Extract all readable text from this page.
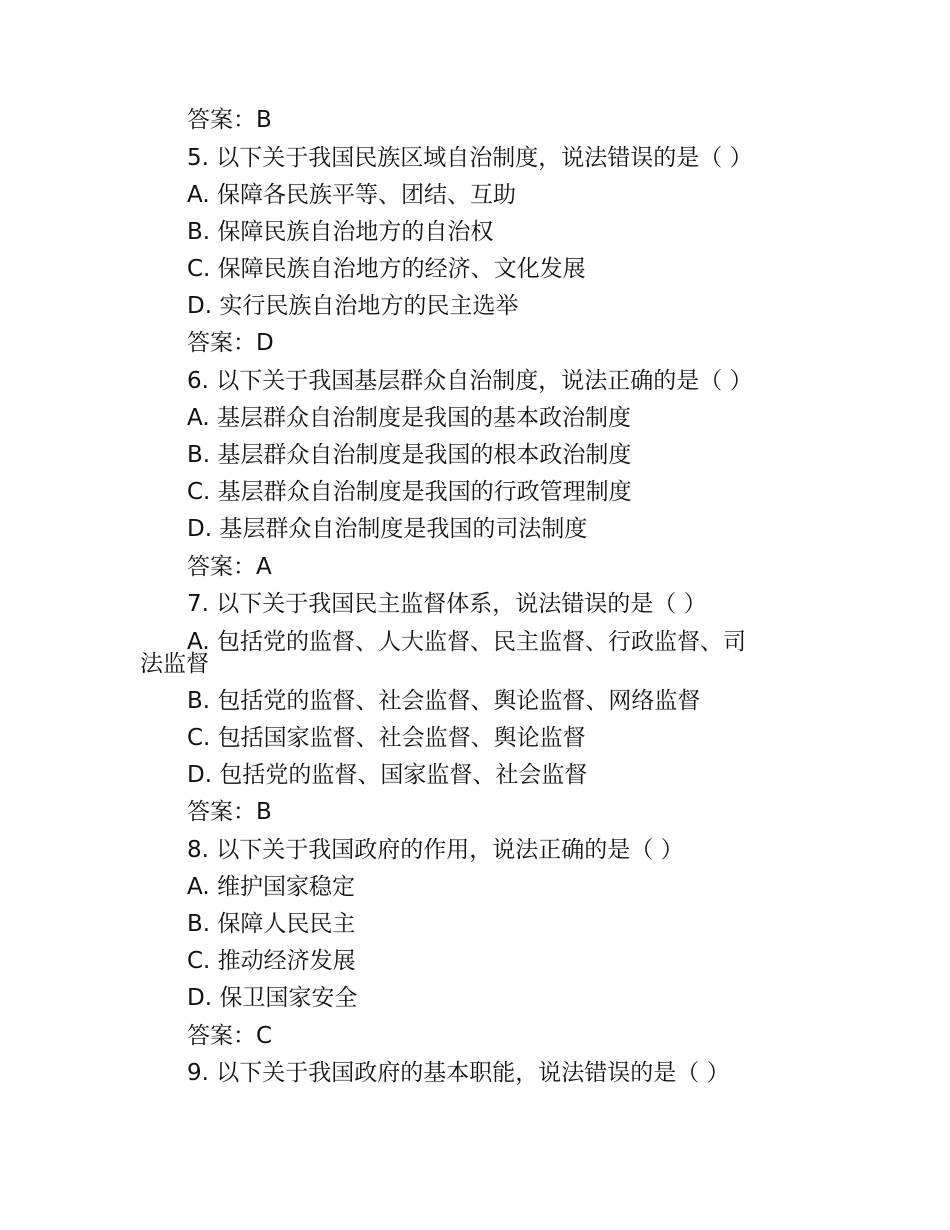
答案：B
5. 以下关于我国民族区域自治制度，说法错误的是（ ）
A. 保障各民族平等、团结、互助
B. 保障民族自治地方的自治权
C. 保障民族自治地方的经济、文化发展
D. 实行民族自治地方的民主选举
答案：D
6. 以下关于我国基层群众自治制度，说法正确的是（ ）
A. 基层群众自治制度是我国的基本政治制度
B. 基层群众自治制度是我国的根本政治制度
C. 基层群众自治制度是我国的行政管理制度
D. 基层群众自治制度是我国的司法制度
答案：A
7. 以下关于我国民主监督体系，说法错误的是（ ）
A. 包括党的监督、人大监督、民主监督、行政监督、司
法监督
B. 包括党的监督、社会监督、舆论监督、网络监督
C. 包括国家监督、社会监督、舆论监督
D. 包括党的监督、国家监督、社会监督
答案：B
8. 以下关于我国政府的作用，说法正确的是（ ）
A. 维护国家稳定
B. 保障人民民主
C. 推动经济发展
D. 保卫国家安全
答案：C
9. 以下关于我国政府的基本职能，说法错误的是（ ）
